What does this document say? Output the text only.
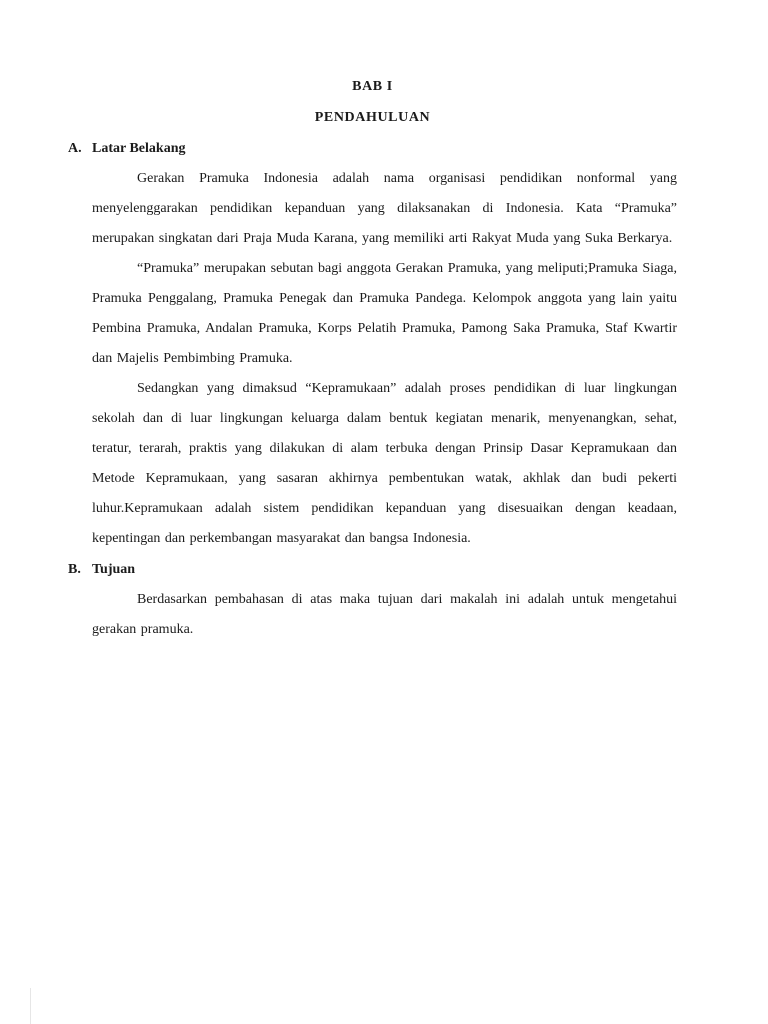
BAB I
PENDAHULUAN
A. Latar Belakang

Gerakan Pramuka Indonesia adalah nama organisasi pendidikan nonformal yang menyelenggarakan pendidikan kepanduan yang dilaksanakan di Indonesia. Kata “Pramuka” merupakan singkatan dari Praja Muda Karana, yang memiliki arti Rakyat Muda yang Suka Berkarya.

“Pramuka” merupakan sebutan bagi anggota Gerakan Pramuka, yang meliputi;Pramuka Siaga, Pramuka Penggalang, Pramuka Penegak dan Pramuka Pandega. Kelompok anggota yang lain yaitu Pembina Pramuka, Andalan Pramuka, Korps Pelatih Pramuka, Pamong Saka Pramuka, Staf Kwartir dan Majelis Pembimbing Pramuka.

Sedangkan yang dimaksud “Kepramukaan” adalah proses pendidikan di luar lingkungan sekolah dan di luar lingkungan keluarga dalam bentuk kegiatan menarik, menyenangkan, sehat, teratur, terarah, praktis yang dilakukan di alam terbuka dengan Prinsip Dasar Kepramukaan dan Metode Kepramukaan, yang sasaran akhirnya pembentukan watak, akhlak dan budi pekerti luhur.Kepramukaan adalah sistem pendidikan kepanduan yang disesuaikan dengan keadaan, kepentingan dan perkembangan masyarakat dan bangsa Indonesia.

B. Tujuan

Berdasarkan pembahasan di atas maka tujuan dari makalah ini adalah untuk mengetahui gerakan pramuka.
